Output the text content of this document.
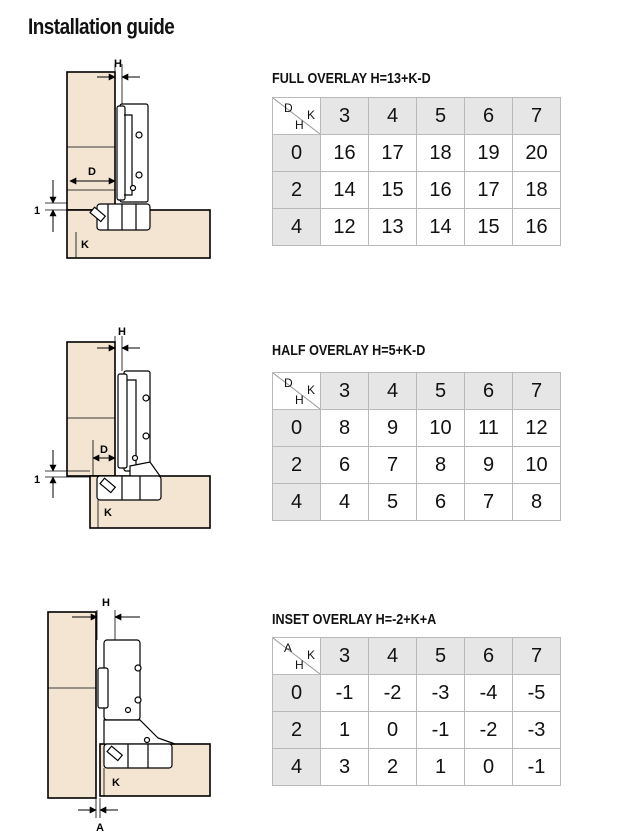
Installation guide
H
D
1
K
FULL OVERLAY H=13+K-D
D K
H	3	4	5	6	7
0	16	17	18	19	20
2	14	15	16	17	18
4	12	13	14	15	16
H
D
1
K
HALF OVERLAY H=5+K-D
D K
H	3	4	5	6	7
0	8	9	10	11	12
2	6	7	8	9	10
4	4	5	6	7	8
H
K
A
INSET OVERLAY H=-2+K+A
A K
H	3	4	5	6	7
0	-1	-2	-3	-4	-5
2	1	0	-1	-2	-3
4	3	2	1	0	-1
